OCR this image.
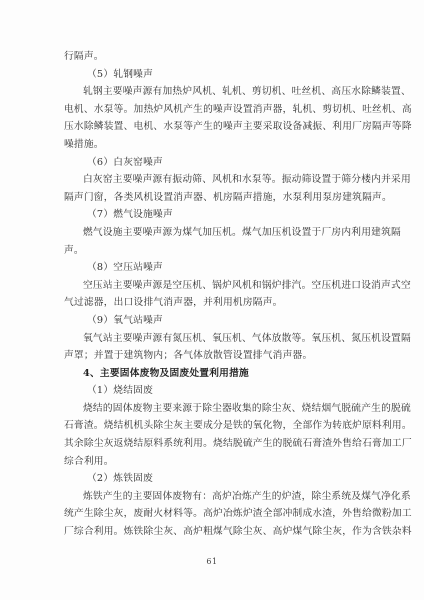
行隔声。
（5）轧钢噪声
轧钢主要噪声源有加热炉风机、轧机、剪切机、吐丝机、高压水除鳞装置、
电机、水泵等。加热炉风机产生的噪声设置消声器，轧机、剪切机、吐丝机、高
压水除鳞装置、电机、水泵等产生的噪声主要采取设备减振、利用厂房隔声等降
噪措施。
（6）白灰窑噪声
白灰窑主要噪声源有振动筛、风机和水泵等。振动筛设置于筛分楼内并采用
隔声门窗，各类风机设置消声器、机房隔声措施，水泵利用泵房建筑隔声。
（7）燃气设施噪声
燃气设施主要噪声源为煤气加压机。煤气加压机设置于厂房内利用建筑隔
声。
（8）空压站噪声
空压站主要噪声源是空压机、锅炉风机和锅炉排汽。空压机进口设消声式空
气过滤器，出口设排气消声器，并利用机房隔声。
（9）氧气站噪声
氧气站主要噪声源有氮压机、氧压机、气体放散等。氧压机、氮压机设置隔
声罩；并置于建筑物内；各气体放散管设置排气消声器。
4、主要固体废物及固废处置利用措施
（1）烧结固废
烧结的固体废物主要来源于除尘器收集的除尘灰、烧结烟气脱硫产生的脱硫
石膏渣。烧结机机头除尘灰主要成分是铁的氧化物，全部作为转底炉原料利用。
其余除尘灰返烧结原料系统利用。烧结脱硫产生的脱硫石膏渣外售给石膏加工厂
综合利用。
（2）炼铁固废
炼铁产生的主要固体废物有：高炉冶炼产生的炉渣，除尘系统及煤气净化系
统产生除尘灰，废耐火材料等。高炉冶炼炉渣全部冲制成水渣，外售给微粉加工
厂综合利用。炼铁除尘灰、高炉粗煤气除尘灰、高炉煤气除尘灰，作为含铁杂料
61
